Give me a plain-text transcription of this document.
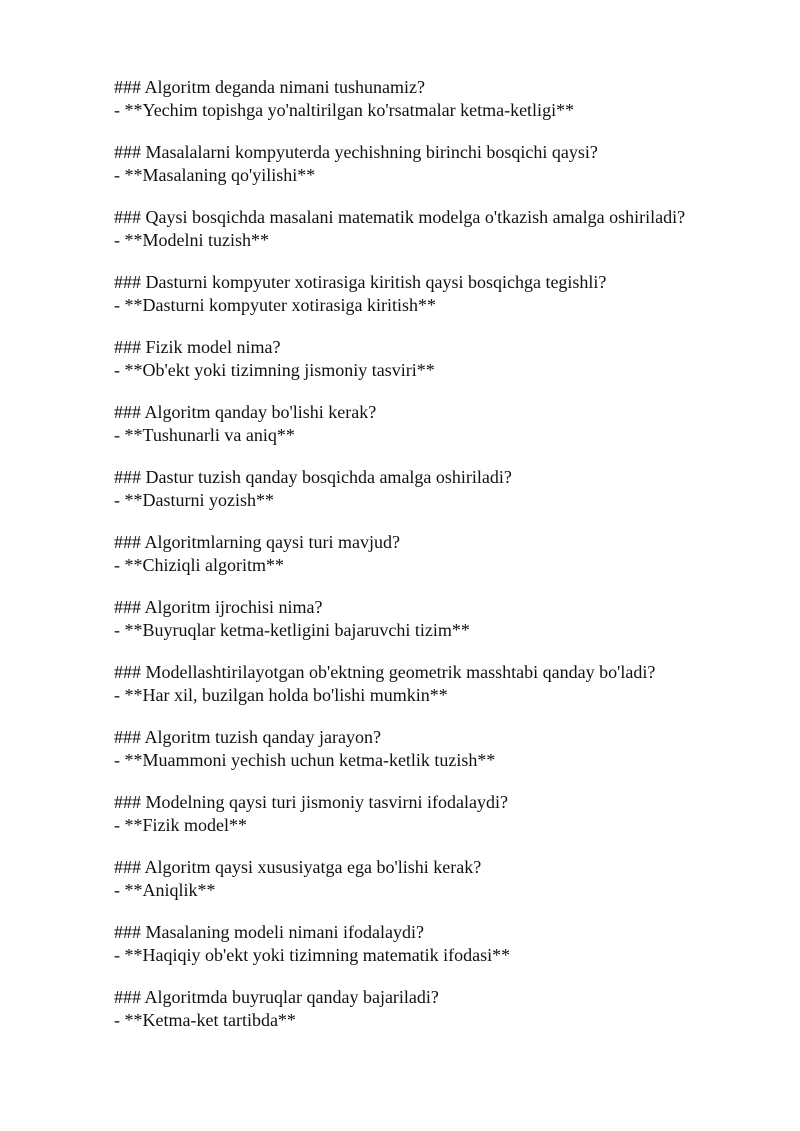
### Algoritm deganda nimani tushunamiz?
- **Yechim topishga yo'naltirilgan ko'rsatmalar ketma-ketligi**
### Masalalarni kompyuterda yechishning birinchi bosqichi qaysi?
- **Masalaning qo'yilishi**
### Qaysi bosqichda masalani matematik modelga o'tkazish amalga oshiriladi?
- **Modelni tuzish**
### Dasturni kompyuter xotirasiga kiritish qaysi bosqichga tegishli?
- **Dasturni kompyuter xotirasiga kiritish**
### Fizik model nima?
- **Ob'ekt yoki tizimning jismoniy tasviri**
### Algoritm qanday bo'lishi kerak?
- **Tushunarli va aniq**
### Dastur tuzish qanday bosqichda amalga oshiriladi?
- **Dasturni yozish**
### Algoritmlarning qaysi turi mavjud?
- **Chiziqli algoritm**
### Algoritm ijrochisi nima?
- **Buyruqlar ketma-ketligini bajaruvchi tizim**
### Modellashtirilayotgan ob'ektning geometrik masshtabi qanday bo'ladi?
- **Har xil, buzilgan holda bo'lishi mumkin**
### Algoritm tuzish qanday jarayon?
- **Muammoni yechish uchun ketma-ketlik tuzish**
### Modelning qaysi turi jismoniy tasvirni ifodalaydi?
- **Fizik model**
### Algoritm qaysi xususiyatga ega bo'lishi kerak?
- **Aniqlik**
### Masalaning modeli nimani ifodalaydi?
- **Haqiqiy ob'ekt yoki tizimning matematik ifodasi**
### Algoritmda buyruqlar qanday bajariladi?
- **Ketma-ket tartibda**
